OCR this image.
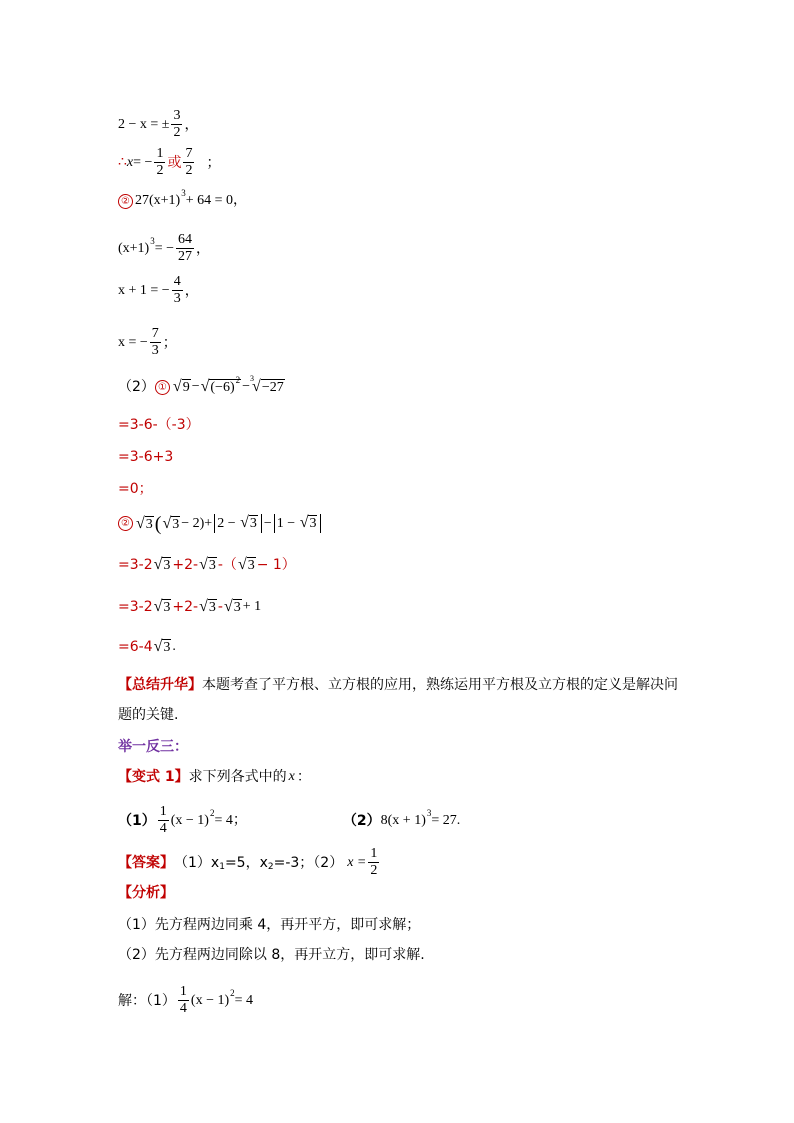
2 − x = ± $\frac{3}{2}$ ，
∴ x = − $\frac{1}{2}$ 或 $\frac{7}{2}$ ；
② 27(x+1) 3 + 64 = 0，
(x+1) 3 = − $\frac{64}{27}$ ，
x + 1 = − $\frac{4}{3}$ ，
x = − $\frac{7}{3}$ ；
（2） ① √ 9 − √ $(-6)^2$ −
3
√ −27
=3-6-（-3）
=3-6+3
=0；
② √ 3 ( √ 3 − 2) + 2 − √ 3 − 1 − √ 3
=3-2 √ 3 +2- √ 3 -（ √ 3 − 1）
=3-2 √ 3 +2- √ 3 - √ 3 + 1
=6-4 √ 3 .
【总结升华】 本题考查了平方根、立方根的应用，熟练运用平方根及立方根的定义是解决问
题的关键.
举一反三：
【变式 1】 求下列各式中的 x ：
$(1) \frac{1}{4} (x - 1) 2 = 4$；	（2） 8(x + 1) 3 = 27.
【答案】 （1）x 1 =5，x 2 =-3；（2） $x = \frac{1}{2}$
【分析】
（1）先方程两边同乘 4，再开平方，即可求解；
（2）先方程两边同除以 8，再开立方，即可求解.
解：$(1) \frac{1}{4} (x - 1) 2 = 4$
